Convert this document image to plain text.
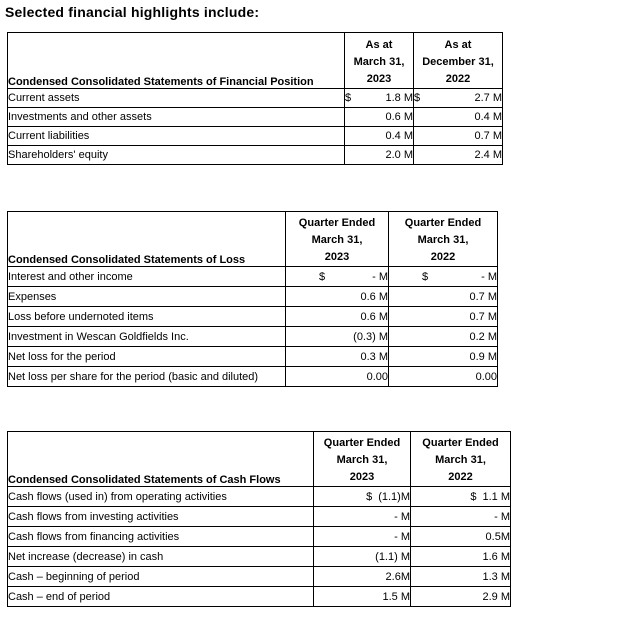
Selected financial highlights include:
Condensed Consolidated Statements of Financial Position	
As at
March 31,
2023

As at
December 31,
2022

Current assets	$ 1.8 M	$ 2.7 M

Investments and other assets	0.6 M	0.4 M
Current liabilities	0.4 M	0.7 M
Shareholders' equity	2.0 M	2.4 M
Condensed Consolidated Statements of Loss	
Quarter Ended
March 31,
2023

Quarter Ended
March 31,
2022

Interest and other income	$ - M	$ - M

Expenses	0.6 M	0.7 M
Loss before undernoted items	0.6 M	0.7 M
Investment in Wescan Goldfields Inc.	(0.3) M	0.2 M
Net loss for the period	0.3 M	0.9 M
Net loss per share for the period (basic and diluted)	0.00	0.00
Condensed Consolidated Statements of Cash Flows	
Quarter Ended
March 31,
2023

Quarter Ended
March 31,
2022

Cash flows (used in) from operating activities	$ (1.1)M	$ 1.1 M

Cash flows from investing activities	- M	- M
Cash flows from financing activities	- M	0.5M
Net increase (decrease) in cash	(1.1) M	1.6 M
Cash – beginning of period	2.6M	1.3 M
Cash – end of period	1.5 M	2.9 M
